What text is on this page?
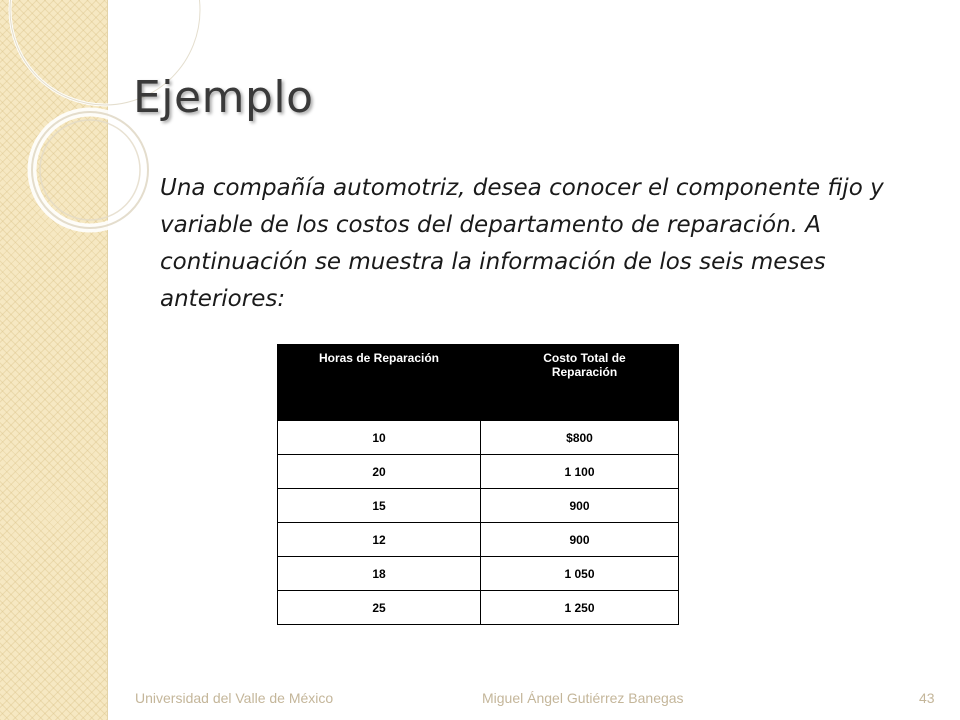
Ejemplo

Una compañía automotriz, desea conocer el componente fijo y variable de los costos del departamento de reparación. A continuación se muestra la información de los seis meses anteriores:

Horas de Reparación	Costo Total de Reparación
10	$800
20	1 100
15	900
12	900
18	1 050
25	1 250

Universidad del Valle de México	Miguel Ángel Gutiérrez Banegas	43
